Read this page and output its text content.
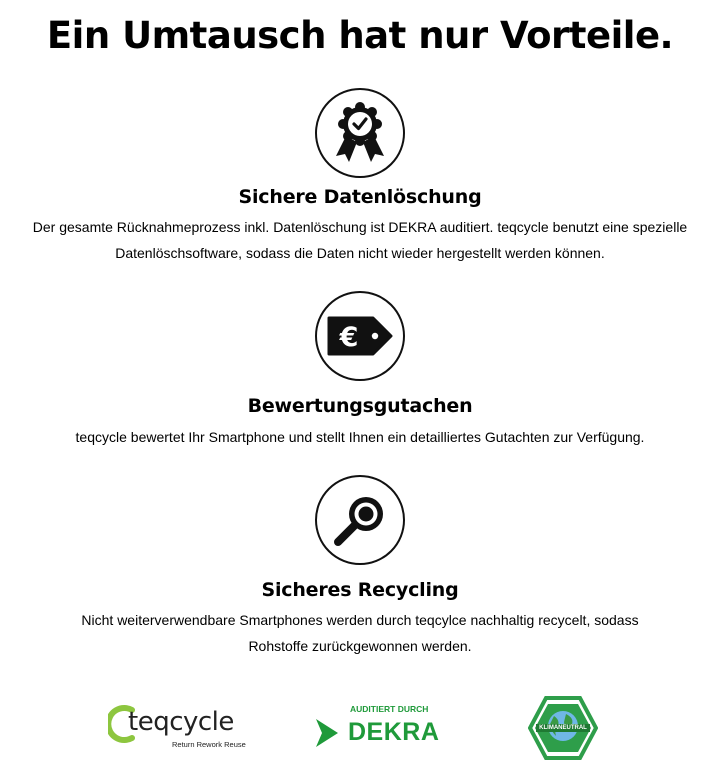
Ein Umtausch hat nur Vorteile.
Sichere Datenlöschung

Der gesamte Rücknahmeprozess inkl. Datenlöschung ist DEKRA auditiert. teqcycle benutzt eine spezielle
Datenlöschsoftware, sodass die Daten nicht wieder hergestellt werden können.

€
Bewertungsgutachen

teqcycle bewertet Ihr Smartphone und stellt Ihnen ein detailliertes Gutachten zur Verfügung.

Sicheres Recycling

Nicht weiterverwendbare Smartphones werden durch teqcylce nachhaltig recycelt, sodass
Rohstoffe zurückgewonnen werden.

teqcycle
Return Rework Reuse
AUDITIERT DURCH
DEKRA	KLIMANEUTRAL
